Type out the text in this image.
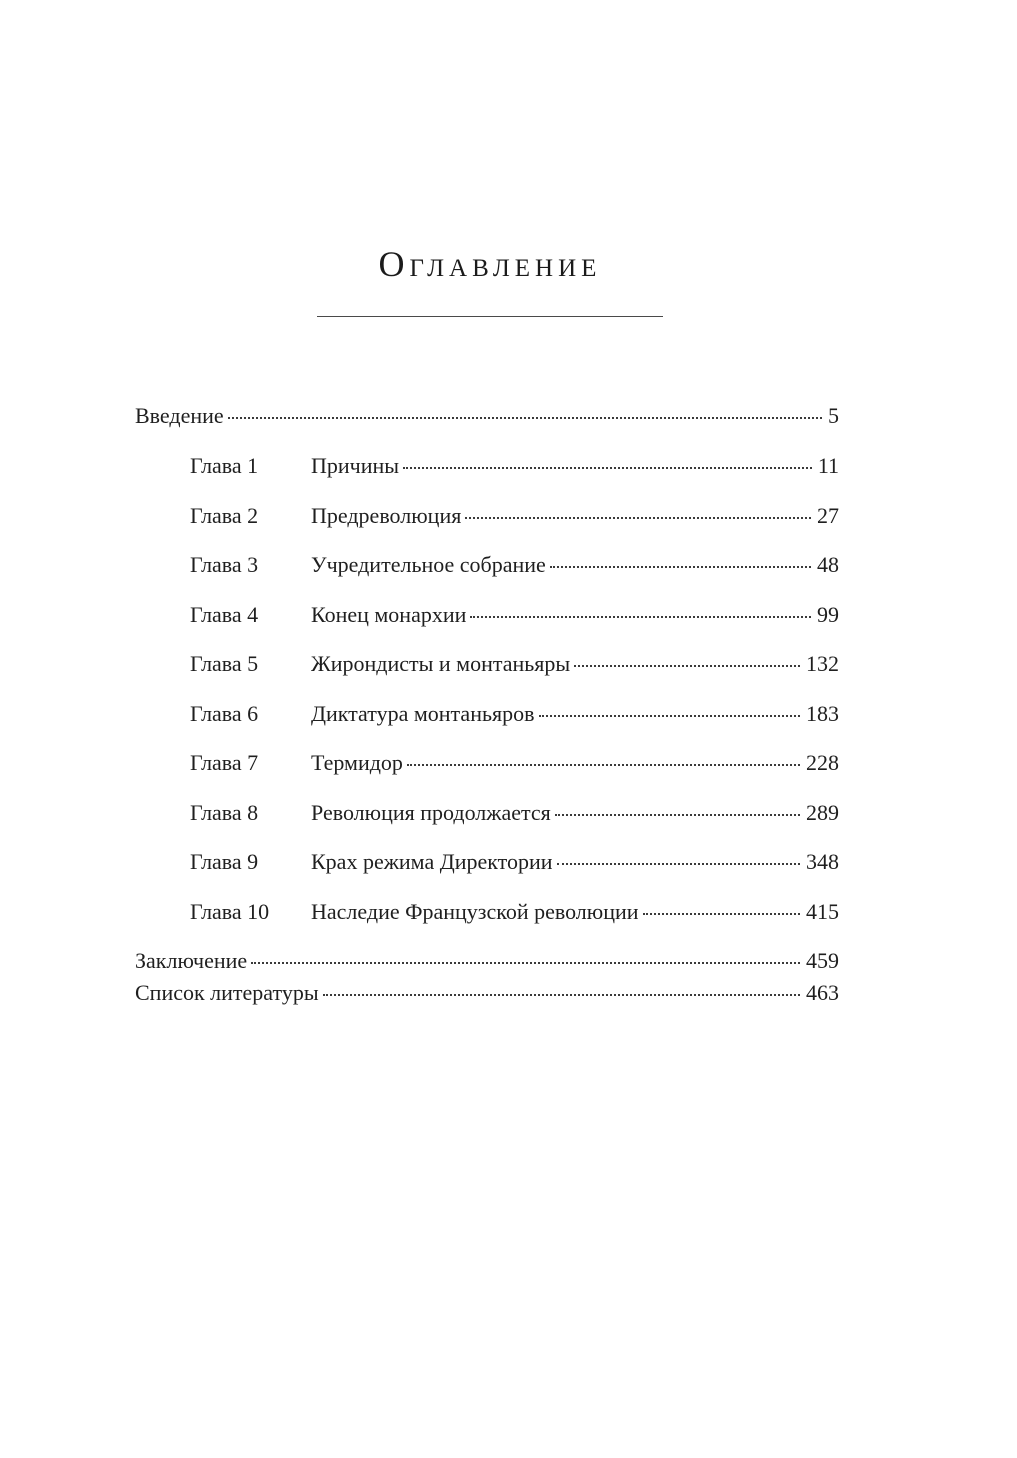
Оглавление
Введение	5
Глава 1 Причины	11
Глава 2 Предреволюция	27
Глава 3 Учредительное собрание	48
Глава 4 Конец монархии	99
Глава 5 Жирондисты и монтаньяры	132
Глава 6 Диктатура монтаньяров	183
Глава 7 Термидор	228
Глава 8 Революция продолжается	289
Глава 9 Крах режима Директории	348
Глава 10 Наследие Французской революции	415
Заключение	459
Список литературы	463
